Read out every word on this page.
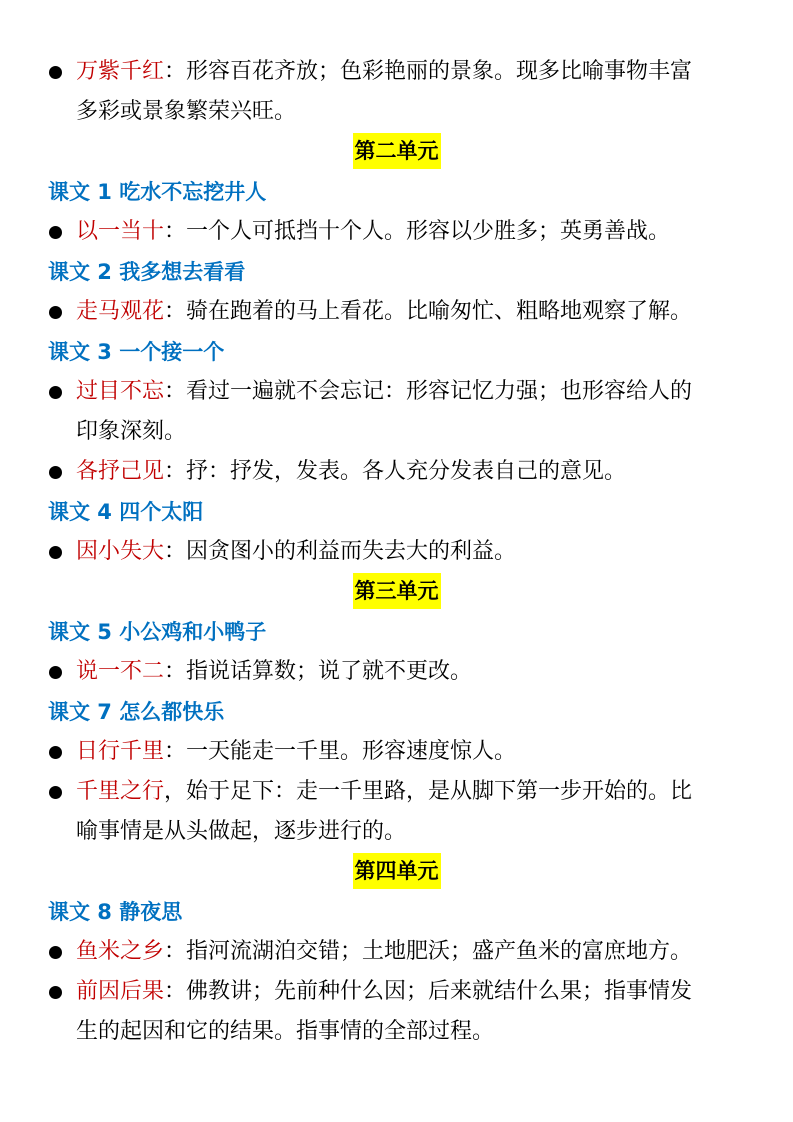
万紫千红：形容百花齐放；色彩艳丽的景象。现多比喻事物丰富
多彩或景象繁荣兴旺。
第二单元
课文 1 吃水不忘挖井人
以一当十：一个人可抵挡十个人。形容以少胜多；英勇善战。
课文 2 我多想去看看
走马观花：骑在跑着的马上看花。比喻匆忙、粗略地观察了解。
课文 3 一个接一个
过目不忘：看过一遍就不会忘记：形容记忆力强；也形容给人的
印象深刻。
各抒己见：抒：抒发，发表。各人充分发表自己的意见。
课文 4 四个太阳
因小失大：因贪图小的利益而失去大的利益。
第三单元
课文 5 小公鸡和小鸭子
说一不二：指说话算数；说了就不更改。
课文 7 怎么都快乐
日行千里：一天能走一千里。形容速度惊人。
千里之行，始于足下：走一千里路，是从脚下第一步开始的。比
喻事情是从头做起，逐步进行的。
第四单元
课文 8 静夜思
鱼米之乡：指河流湖泊交错；土地肥沃；盛产鱼米的富庶地方。
前因后果：佛教讲；先前种什么因；后来就结什么果；指事情发
生的起因和它的结果。指事情的全部过程。
